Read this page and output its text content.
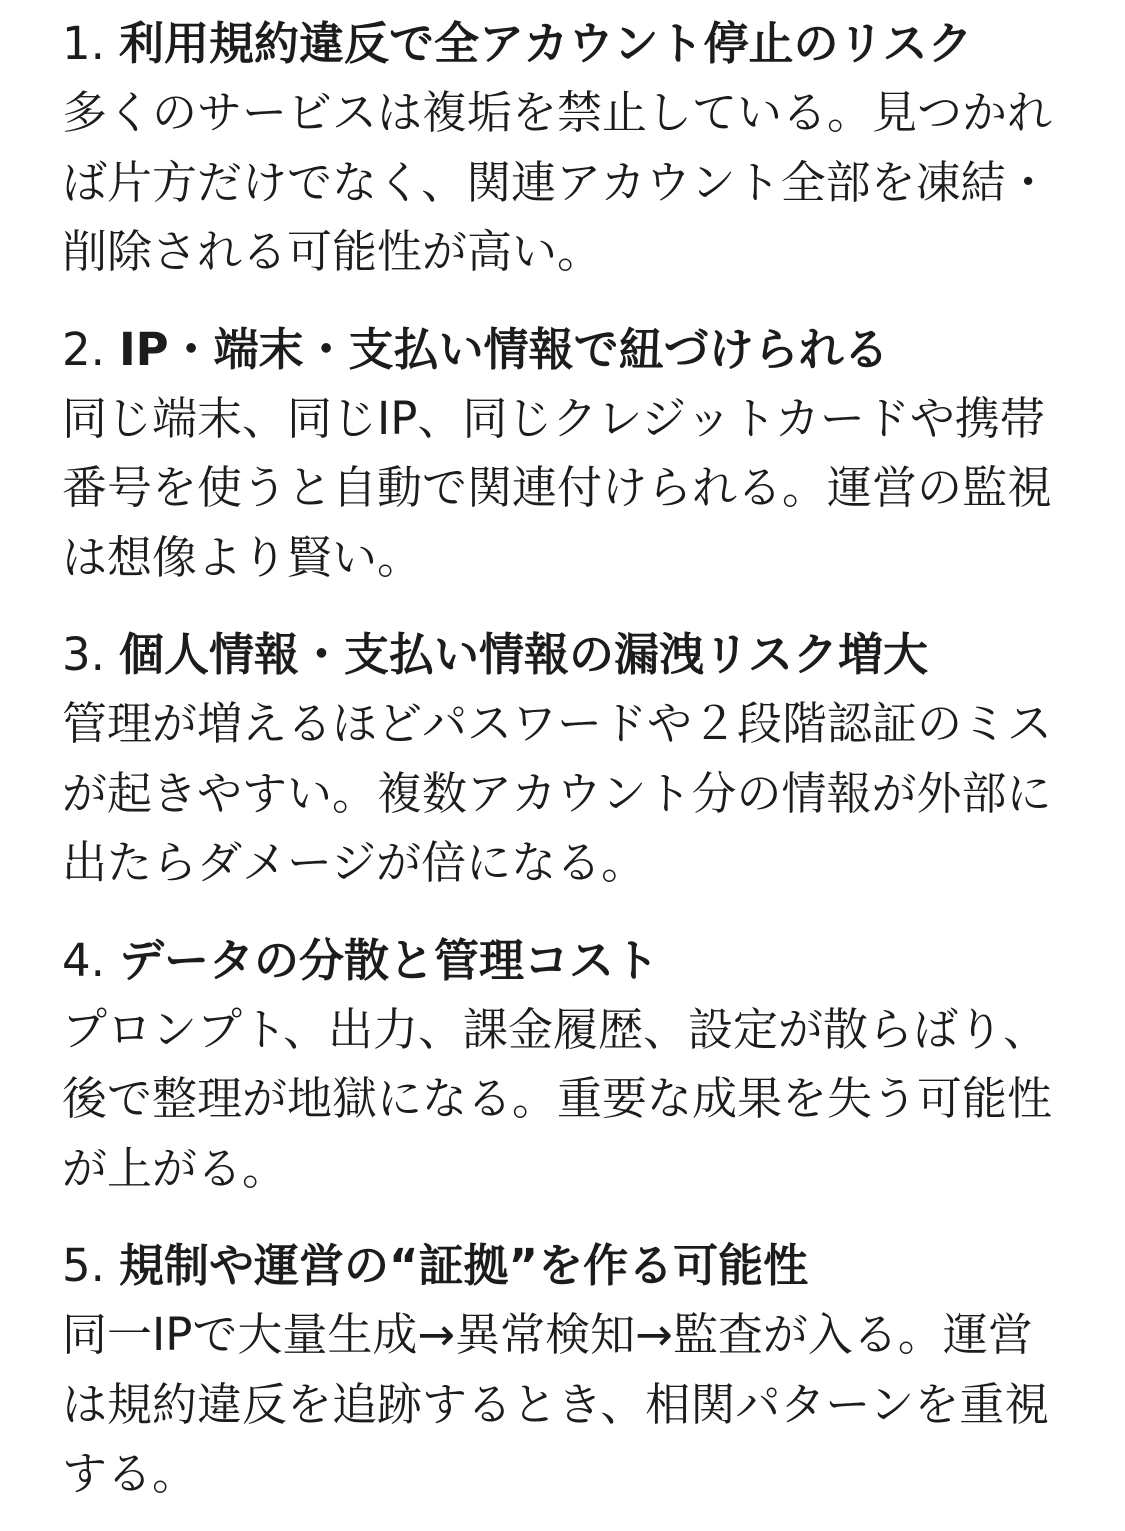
1. 利用規約違反で全アカウント停止のリスク

多くのサービスは複垢を禁止している。見つかれば片方だけでなく、関連アカウント全部を凍結・削除される可能性が高い。

2. IP・端末・支払い情報で紐づけられる

同じ端末、同じIP、同じクレジットカードや携帯番号を使うと自動で関連付けられる。運営の監視は想像より賢い。

3. 個人情報・支払い情報の漏洩リスク増大

管理が増えるほどパスワードや２段階認証のミスが起きやすい。複数アカウント分の情報が外部に出たらダメージが倍になる。

4. データの分散と管理コスト

プロンプト、出力、課金履歴、設定が散らばり、後で整理が地獄になる。重要な成果を失う可能性が上がる。

5. 規制や運営の“証拠”を作る可能性

同一IPで大量生成→異常検知→監査が入る。運営は規約違反を追跡するとき、相関パターンを重視する。
